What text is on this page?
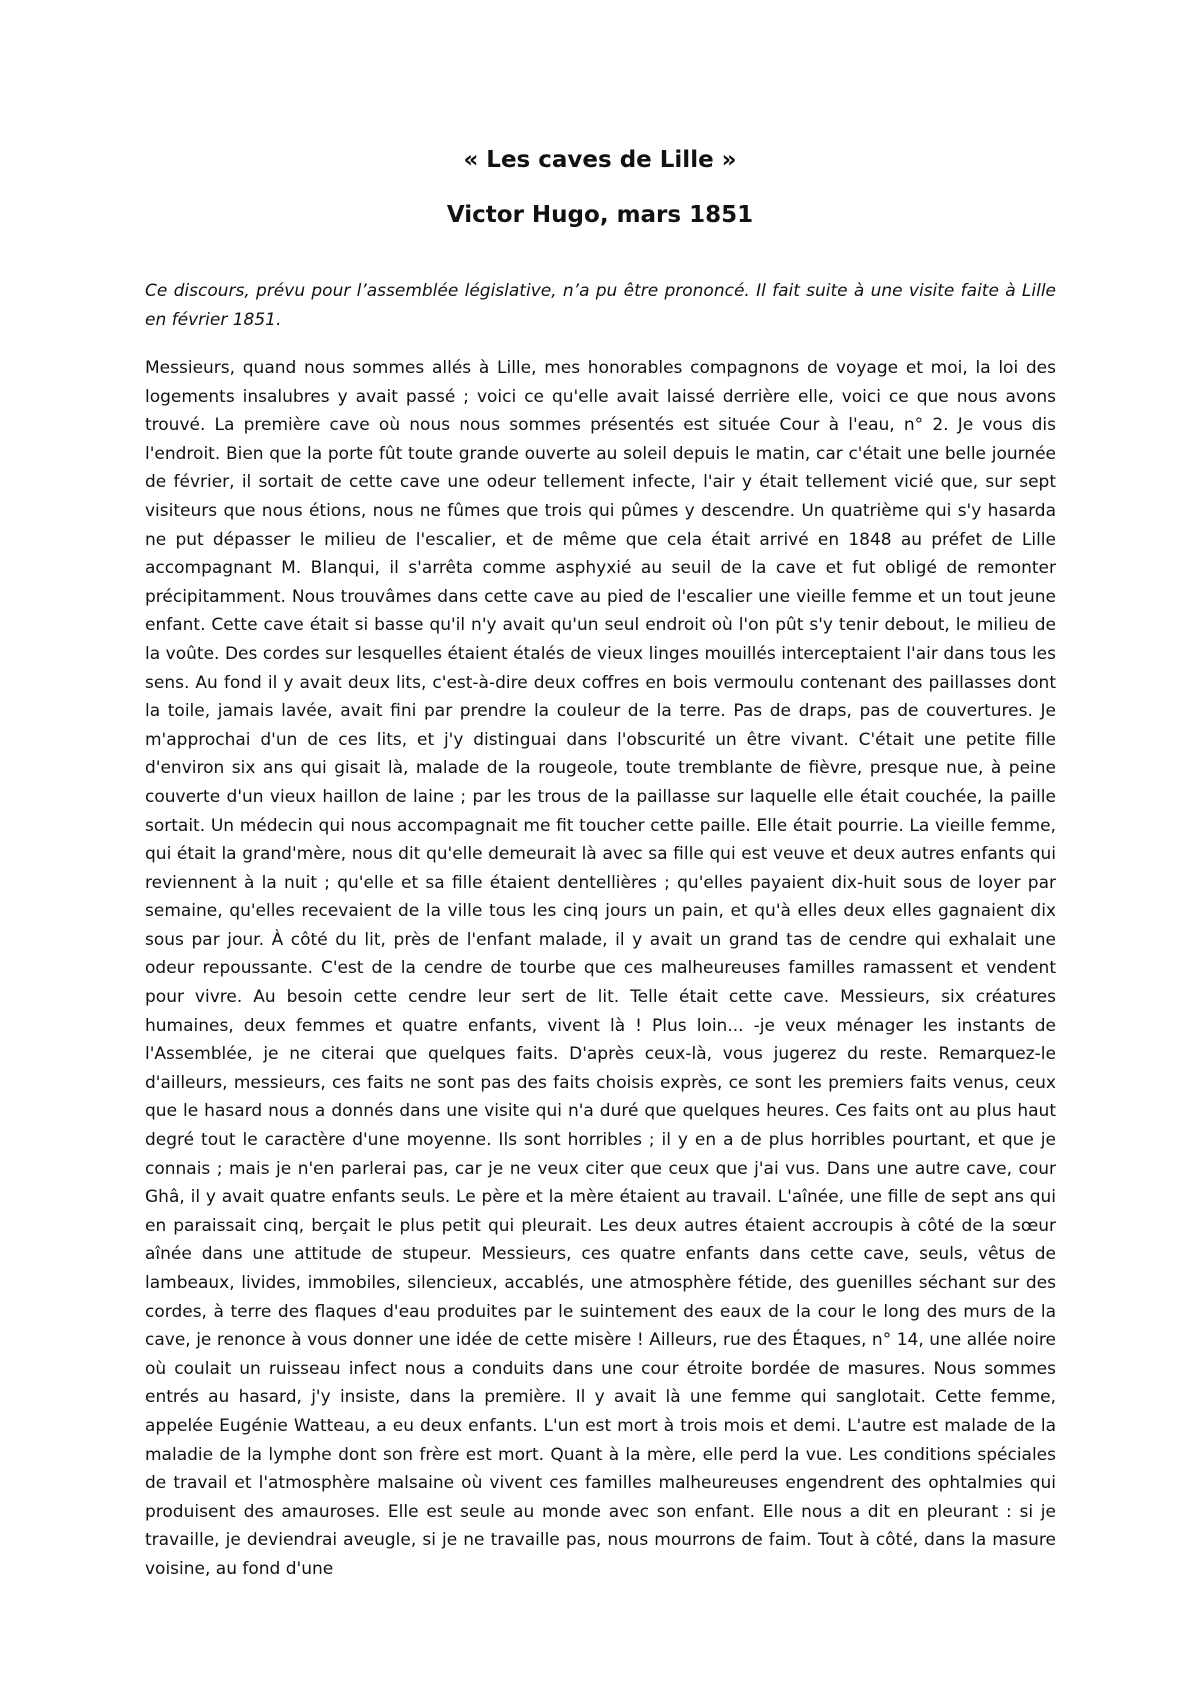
« Les caves de Lille »
Victor Hugo, mars 1851

Ce discours, prévu pour l’assemblée législative, n’a pu être prononcé. Il fait suite à une visite faite à Lille en février 1851.

Messieurs, quand nous sommes allés à Lille, mes honorables compagnons de voyage et moi, la loi des logements insalubres y avait passé ; voici ce qu'elle avait laissé derrière elle, voici ce que nous avons trouvé. La première cave où nous nous sommes présentés est située Cour à l'eau, n° 2. Je vous dis l'endroit. Bien que la porte fût toute grande ouverte au soleil depuis le matin, car c'était une belle journée de février, il sortait de cette cave une odeur tellement infecte, l'air y était tellement vicié que, sur sept visiteurs que nous étions, nous ne fûmes que trois qui pûmes y descendre. Un quatrième qui s'y hasarda ne put dépasser le milieu de l'escalier, et de même que cela était arrivé en 1848 au préfet de Lille accompagnant M. Blanqui, il s'arrêta comme asphyxié au seuil de la cave et fut obligé de remonter précipitamment. Nous trouvâmes dans cette cave au pied de l'escalier une vieille femme et un tout jeune enfant. Cette cave était si basse qu'il n'y avait qu'un seul endroit où l'on pût s'y tenir debout, le milieu de la voûte. Des cordes sur lesquelles étaient étalés de vieux linges mouillés interceptaient l'air dans tous les sens. Au fond il y avait deux lits, c'est-à-dire deux coffres en bois vermoulu contenant des paillasses dont la toile, jamais lavée, avait fini par prendre la couleur de la terre. Pas de draps, pas de couvertures. Je m'approchai d'un de ces lits, et j'y distinguai dans l'obscurité un être vivant. C'était une petite fille d'environ six ans qui gisait là, malade de la rougeole, toute tremblante de fièvre, presque nue, à peine couverte d'un vieux haillon de laine ; par les trous de la paillasse sur laquelle elle était couchée, la paille sortait. Un médecin qui nous accompagnait me fit toucher cette paille. Elle était pourrie. La vieille femme, qui était la grand'mère, nous dit qu'elle demeurait là avec sa fille qui est veuve et deux autres enfants qui reviennent à la nuit ; qu'elle et sa fille étaient dentellières ; qu'elles payaient dix-huit sous de loyer par semaine, qu'elles recevaient de la ville tous les cinq jours un pain, et qu'à elles deux elles gagnaient dix sous par jour. À côté du lit, près de l'enfant malade, il y avait un grand tas de cendre qui exhalait une odeur repoussante. C'est de la cendre de tourbe que ces malheureuses familles ramassent et vendent pour vivre. Au besoin cette cendre leur sert de lit. Telle était cette cave. Messieurs, six créatures humaines, deux femmes et quatre enfants, vivent là ! Plus loin... -je veux ménager les instants de l'Assemblée, je ne citerai que quelques faits. D'après ceux-là, vous jugerez du reste. Remarquez-le d'ailleurs, messieurs, ces faits ne sont pas des faits choisis exprès, ce sont les premiers faits venus, ceux que le hasard nous a donnés dans une visite qui n'a duré que quelques heures. Ces faits ont au plus haut degré tout le caractère d'une moyenne. Ils sont horribles ; il y en a de plus horribles pourtant, et que je connais ; mais je n'en parlerai pas, car je ne veux citer que ceux que j'ai vus. Dans une autre cave, cour Ghâ, il y avait quatre enfants seuls. Le père et la mère étaient au travail. L'aînée, une fille de sept ans qui en paraissait cinq, berçait le plus petit qui pleurait. Les deux autres étaient accroupis à côté de la sœur aînée dans une attitude de stupeur. Messieurs, ces quatre enfants dans cette cave, seuls, vêtus de lambeaux, livides, immobiles, silencieux, accablés, une atmosphère fétide, des guenilles séchant sur des cordes, à terre des flaques d'eau produites par le suintement des eaux de la cour le long des murs de la cave, je renonce à vous donner une idée de cette misère ! Ailleurs, rue des Étaques, n° 14, une allée noire où coulait un ruisseau infect nous a conduits dans une cour étroite bordée de masures. Nous sommes entrés au hasard, j'y insiste, dans la première. Il y avait là une femme qui sanglotait. Cette femme, appelée Eugénie Watteau, a eu deux enfants. L'un est mort à trois mois et demi. L'autre est malade de la maladie de la lymphe dont son frère est mort. Quant à la mère, elle perd la vue. Les conditions spéciales de travail et l'atmosphère malsaine où vivent ces familles malheureuses engendrent des ophtalmies qui produisent des amauroses. Elle est seule au monde avec son enfant. Elle nous a dit en pleurant : si je travaille, je deviendrai aveugle, si je ne travaille pas, nous mourrons de faim. Tout à côté, dans la masure voisine, au fond d'une
